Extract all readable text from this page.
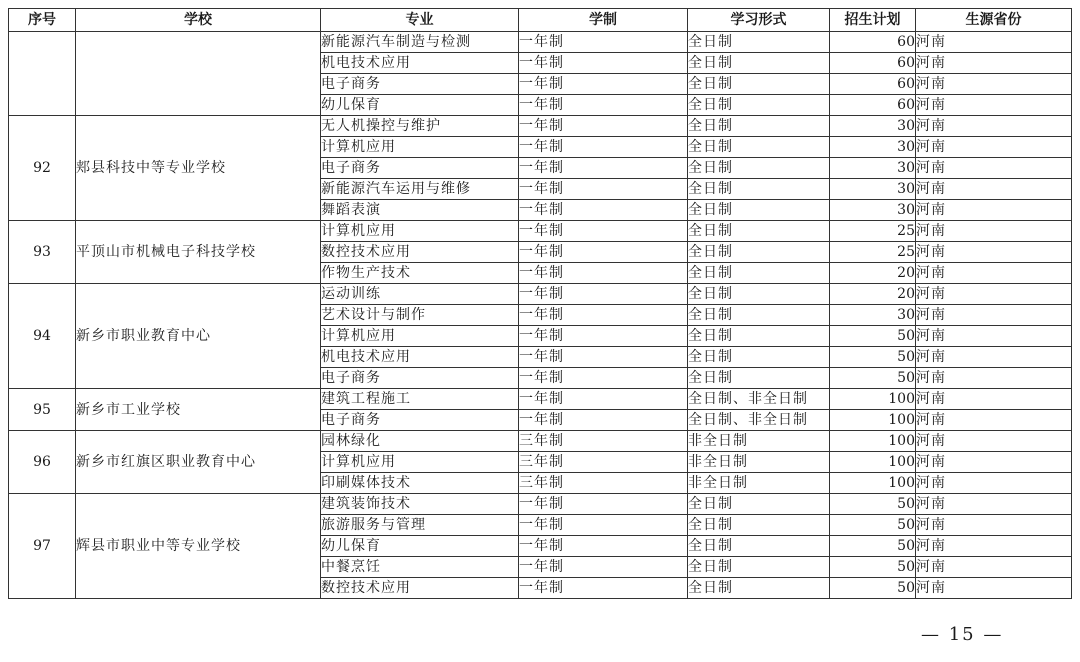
序号	学校	专业	学制	学习形式	招生计划	生源省份
		新能源汽车制造与检测	一年制	全日制	60	河南
		机电技术应用	一年制	全日制	60	河南
		电子商务	一年制	全日制	60	河南
		幼儿保育	一年制	全日制	60	河南
92	郏县科技中等专业学校	无人机操控与维护	一年制	全日制	30	河南
		计算机应用	一年制	全日制	30	河南
		电子商务	一年制	全日制	30	河南
		新能源汽车运用与维修	一年制	全日制	30	河南
		舞蹈表演	一年制	全日制	30	河南
93	平顶山市机械电子科技学校	计算机应用	一年制	全日制	25	河南
		数控技术应用	一年制	全日制	25	河南
		作物生产技术	一年制	全日制	20	河南
94	新乡市职业教育中心	运动训练	一年制	全日制	20	河南
		艺术设计与制作	一年制	全日制	30	河南
		计算机应用	一年制	全日制	50	河南
		机电技术应用	一年制	全日制	50	河南
		电子商务	一年制	全日制	50	河南
95	新乡市工业学校	建筑工程施工	一年制	全日制、非全日制	100	河南
		电子商务	一年制	全日制、非全日制	100	河南
96	新乡市红旗区职业教育中心	园林绿化	三年制	非全日制	100	河南
		计算机应用	三年制	非全日制	100	河南
		印刷媒体技术	三年制	非全日制	100	河南
97	辉县市职业中等专业学校	建筑装饰技术	一年制	全日制	50	河南
		旅游服务与管理	一年制	全日制	50	河南
		幼儿保育	一年制	全日制	50	河南
		中餐烹饪	一年制	全日制	50	河南
		数控技术应用	一年制	全日制	50	河南
— 15 —
